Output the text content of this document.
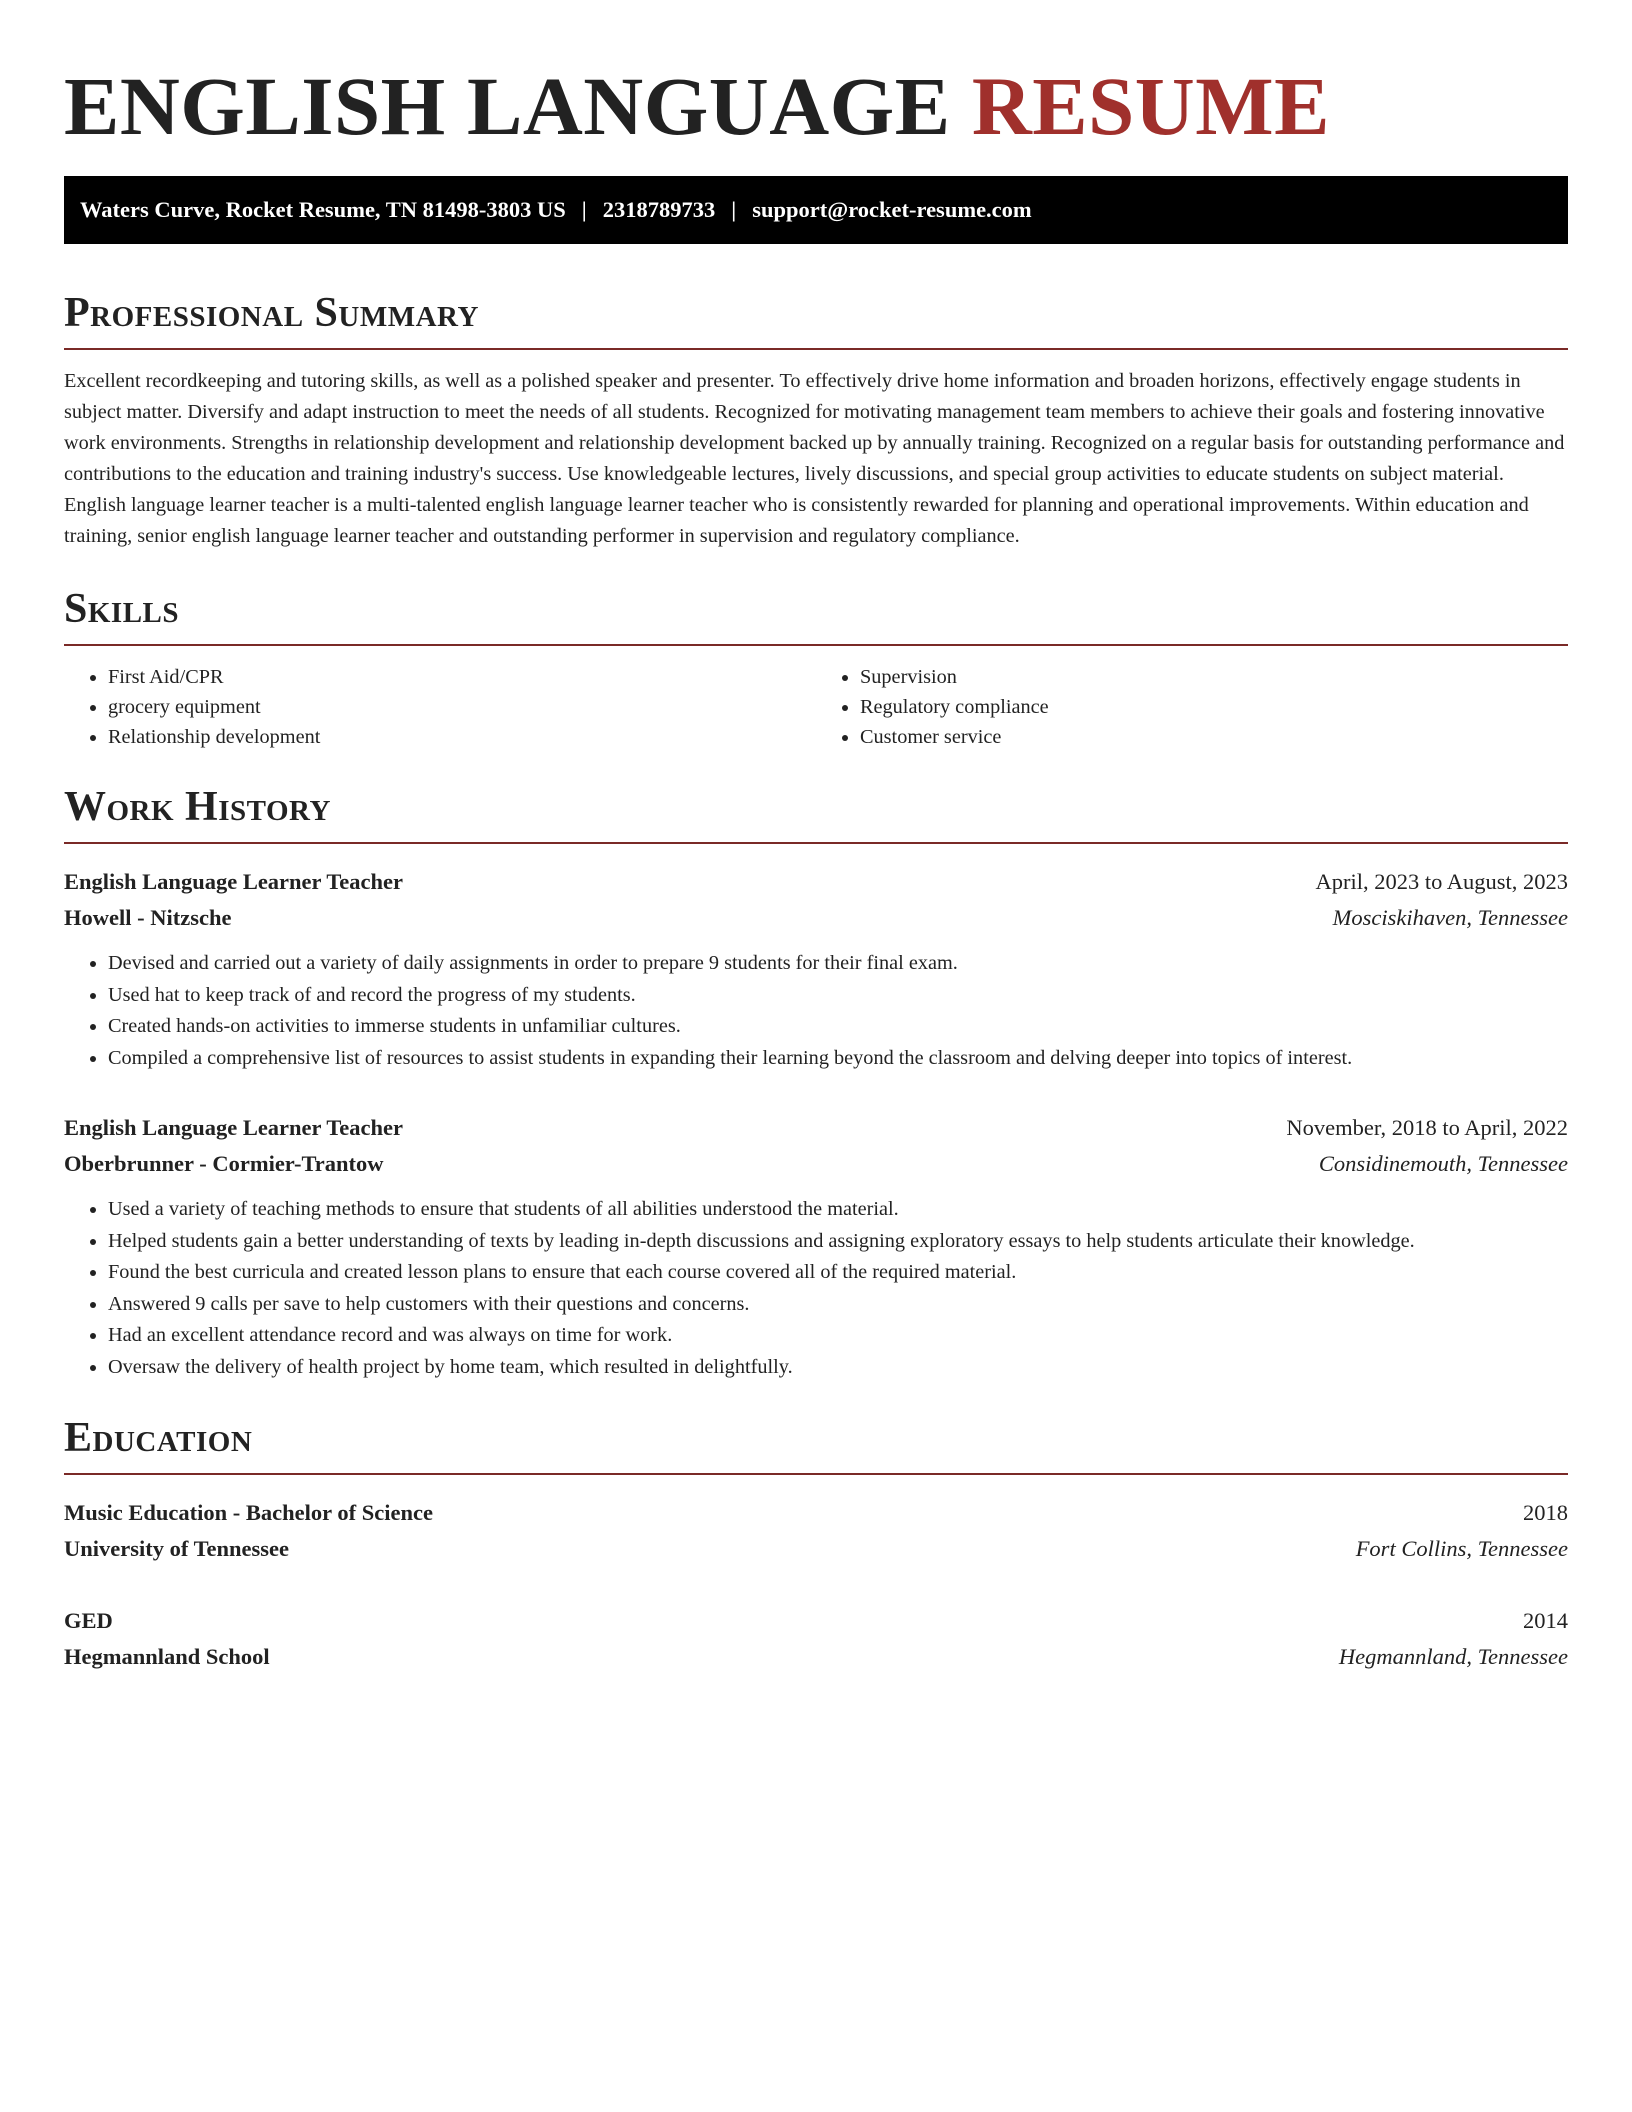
ENGLISH LANGUAGE RESUME
Waters Curve, Rocket Resume, TN 81498-3803 US | 2318789733 | support@rocket-resume.com
Professional Summary

Excellent recordkeeping and tutoring skills, as well as a polished speaker and presenter. To effectively drive home information and broaden horizons, effectively engage students in subject matter. Diversify and adapt instruction to meet the needs of all students. Recognized for motivating management team members to achieve their goals and fostering innovative work environments. Strengths in relationship development and relationship development backed up by annually training. Recognized on a regular basis for outstanding performance and contributions to the education and training industry's success. Use knowledgeable lectures, lively discussions, and special group activities to educate students on subject material. English language learner teacher is a multi-talented english language learner teacher who is consistently rewarded for planning and operational improvements. Within education and training, senior english language learner teacher and outstanding performer in supervision and regulatory compliance.

Skills
• First Aid/CPR
• grocery equipment
• Relationship development
• Supervision
• Regulatory compliance
• Customer service
Work History
English Language Learner Teacher	April, 2023 to August, 2023
Howell - Nitzsche	Mosciskihaven, Tennessee
• Devised and carried out a variety of daily assignments in order to prepare 9 students for their final exam.
• Used hat to keep track of and record the progress of my students.
• Created hands-on activities to immerse students in unfamiliar cultures.
• Compiled a comprehensive list of resources to assist students in expanding their learning beyond the classroom and delving deeper into topics of interest.
English Language Learner Teacher	November, 2018 to April, 2022
Oberbrunner - Cormier-Trantow	Considinemouth, Tennessee
• Used a variety of teaching methods to ensure that students of all abilities understood the material.
• Helped students gain a better understanding of texts by leading in-depth discussions and assigning exploratory essays to help students articulate their knowledge.
• Found the best curricula and created lesson plans to ensure that each course covered all of the required material.
• Answered 9 calls per save to help customers with their questions and concerns.
• Had an excellent attendance record and was always on time for work.
• Oversaw the delivery of health project by home team, which resulted in delightfully.
Education
Music Education - Bachelor of Science	2018
University of Tennessee	Fort Collins, Tennessee
GED	2014
Hegmannland School	Hegmannland, Tennessee
